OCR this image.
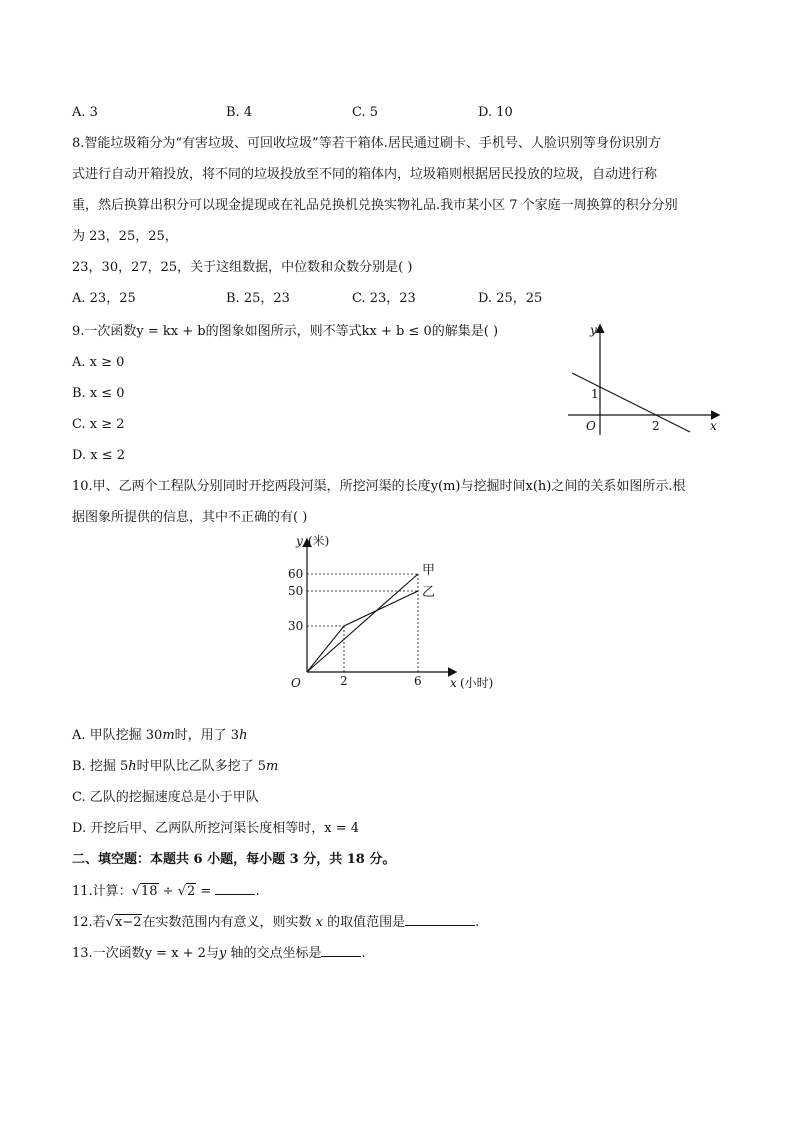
A. 3	B. 4	C. 5	D. 10
8.智能垃圾箱分为“有害垃圾、可回收垃圾”等若干箱体.居民通过刷卡、手机号、人脸识别等身份识别方
式进行自动开箱投放，将不同的垃圾投放至不同的箱体内，垃圾箱则根据居民投放的垃圾，自动进行称
重，然后换算出积分可以现金提现或在礼品兑换机兑换实物礼品.我市某小区 7 个家庭一周换算的积分分别
为 23，25，25，
23，30，27，25，关于这组数据，中位数和众数分别是( )
A. 23，25	B. 25，23	C. 23，23	D. 25，25
9.一次函数y = kx + b的图象如图所示，则不等式kx + b ≤ 0的解集是( )
A. x ≥ 0
B. x ≤ 0
C. x ≥ 2
D. x ≤ 2
y
x
O
1
2
10.甲、乙两个工程队分别同时开挖两段河渠，所挖河渠的长度y(m)与挖掘时间x(h)之间的关系如图所示.根
据图象所提供的信息，其中不正确的有( )
y (米)
60
50
30
O	2	6 x (小时)
甲
乙
A. 甲队挖掘 30m时，用了 3h
B. 挖掘 5h时甲队比乙队多挖了 5m
C. 乙队的挖掘速度总是小于甲队
D. 开挖后甲、乙两队所挖河渠长度相等时，x = 4
二、填空题：本题共 6 小题，每小题 3 分，共 18 分。
11.计算：√18 ÷ √2 =	.
12.若√x−2在实数范围内有意义，则实数 x 的取值范围是	.
13.一次函数y = x + 2与y 轴的交点坐标是	.
